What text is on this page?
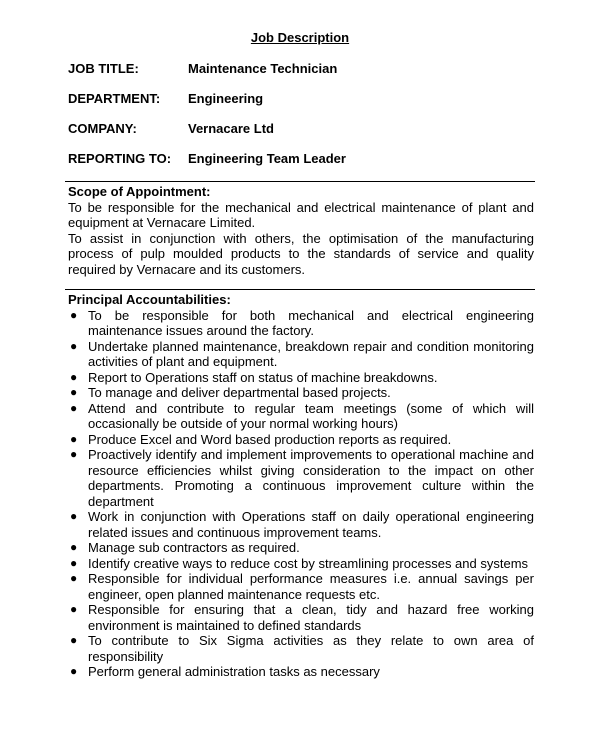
Job Description
JOB TITLE:	Maintenance Technician
DEPARTMENT: Engineering
COMPANY:	Vernacare Ltd
REPORTING TO: Engineering Team Leader
Scope of Appointment:

To be responsible for the mechanical and electrical maintenance of plant and equipment at Vernacare Limited.

To assist in conjunction with others, the optimisation of the manufacturing process of pulp moulded products to the standards of service and quality required by Vernacare and its customers.

Principal Accountabilities:
● To be responsible for both mechanical and electrical engineering maintenance issues around the factory.
● Undertake planned maintenance, breakdown repair and condition monitoring activities of plant and equipment.
● Report to Operations staff on status of machine breakdowns.
● To manage and deliver departmental based projects.
● Attend and contribute to regular team meetings (some of which will occasionally be outside of your normal working hours)
● Produce Excel and Word based production reports as required.
● Proactively identify and implement improvements to operational machine and resource efficiencies whilst giving consideration to the impact on other departments. Promoting a continuous improvement culture within the department
● Work in conjunction with Operations staff on daily operational engineering related issues and continuous improvement teams.
● Manage sub contractors as required.
● Identify creative ways to reduce cost by streamlining processes and systems
● Responsible for individual performance measures i.e. annual savings per engineer, open planned maintenance requests etc.
● Responsible for ensuring that a clean, tidy and hazard free working environment is maintained to defined standards
● To contribute to Six Sigma activities as they relate to own area of responsibility
● Perform general administration tasks as necessary
